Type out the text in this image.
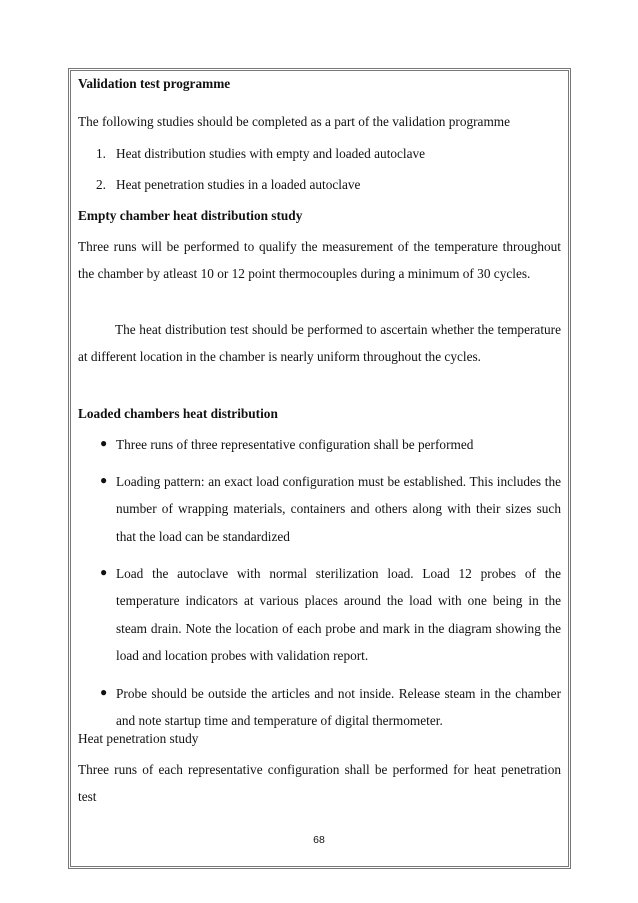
Validation test programme
The following studies should be completed as a part of the validation programme
1. Heat distribution studies with empty and loaded autoclave
2. Heat penetration studies in a loaded autoclave
Empty chamber heat distribution study
Three runs will be performed to qualify the measurement of the temperature throughout the chamber by atleast 10 or 12 point thermocouples during a minimum of 30 cycles.
The heat distribution test should be performed to ascertain whether the temperature at different location in the chamber is nearly uniform throughout the cycles.
Loaded chambers heat distribution
● Three runs of three representative configuration shall be performed
● Loading pattern: an exact load configuration must be established. This includes the number of wrapping materials, containers and others along with their sizes such that the load can be standardized
● Load the autoclave with normal sterilization load. Load 12 probes of the temperature indicators at various places around the load with one being in the steam drain. Note the location of each probe and mark in the diagram showing the load and location probes with validation report.
● Probe should be outside the articles and not inside. Release steam in the chamber and note startup time and temperature of digital thermometer.
Heat penetration study
Three runs of each representative configuration shall be performed for heat penetration test
68
